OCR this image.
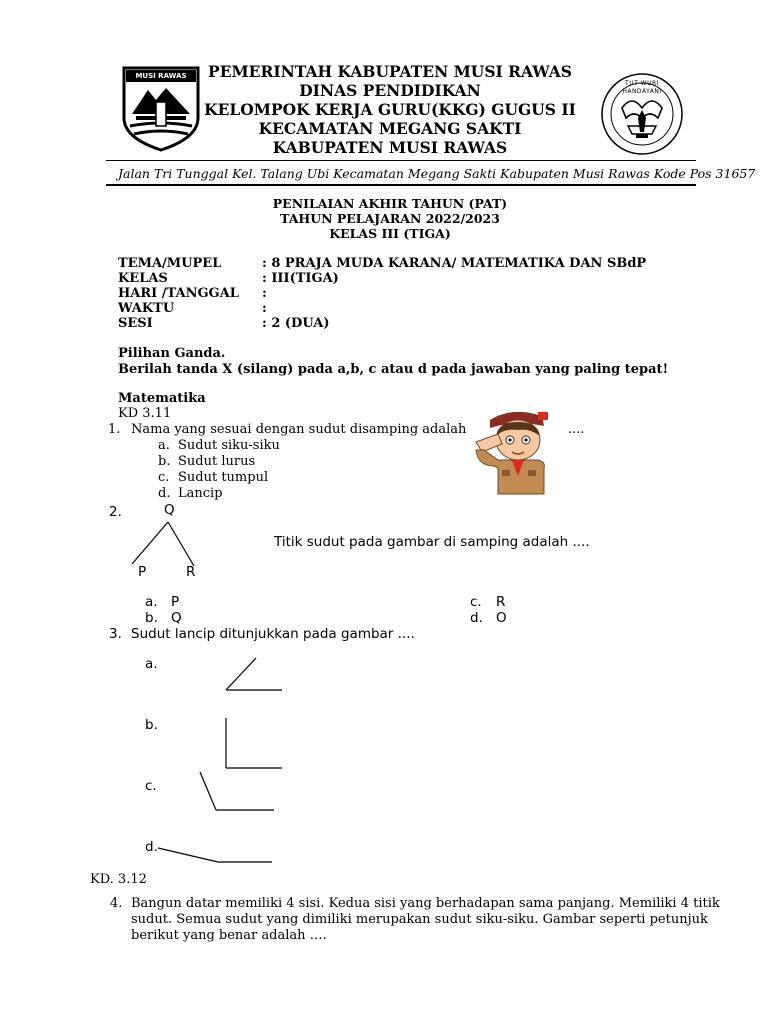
MUSI RAWAS
TUT WURI HANDAYANI
PEMERINTAH KABUPATEN MUSI RAWAS
DINAS PENDIDIKAN
KELOMPOK KERJA GURU(KKG) GUGUS II
KECAMATAN MEGANG SAKTI
KABUPATEN MUSI RAWAS
Jalan Tri Tunggal Kel. Talang Ubi Kecamatan Megang Sakti Kabupaten Musi Rawas Kode Pos 31657
PENILAIAN AKHIR TAHUN (PAT)
TAHUN PELAJARAN 2022/2023
KELAS III (TIGA)
TEMA/MUPEL	: 8 PRAJA MUDA KARANA/ MATEMATIKA DAN SBdP
KELAS	: III(TIGA)
HARI /TANGGAL :
WAKTU	:
SESI	: 2 (DUA)
Pilihan Ganda.
Berilah tanda X (silang) pada a,b, c atau d pada jawaban yang paling tepat!
Matematika
KD 3.11
1. Nama yang sesuai dengan sudut disamping adalah	....
a. Sudut siku-siku
b. Sudut lurus
c. Sudut tumpul
d. Lancip
2.	Q
P	R
Titik sudut pada gambar di samping adalah ....
a. P
b. Q
c. R
d. O
3. Sudut lancip ditunjukkan pada gambar ....
a.
b.
c.
d.
KD. 3.12
4. Bangun datar memiliki 4 sisi. Kedua sisi yang berhadapan sama panjang. Memiliki 4 titik
sudut. Semua sudut yang dimiliki merupakan sudut siku-siku. Gambar seperti petunjuk
berikut yang benar adalah ….
